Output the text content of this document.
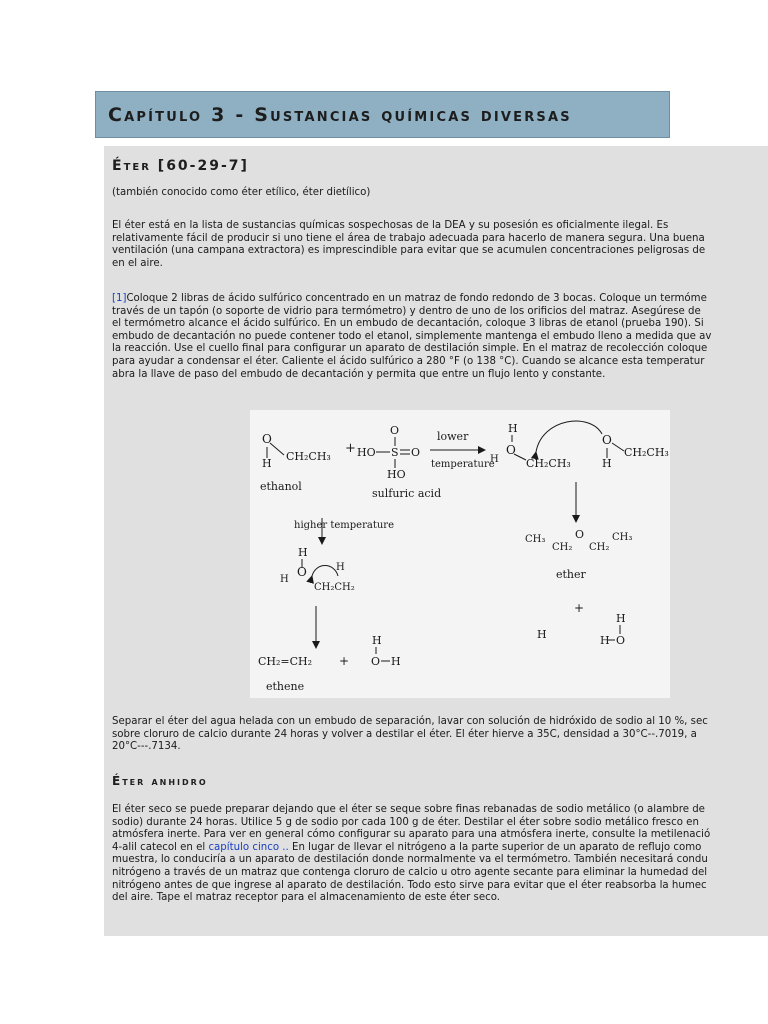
Capítulo 3 - Sustancias químicas diversas
Éter [60-29-7]

(también conocido como éter etílico, éter dietílico)

El éter está en la lista de sustancias químicas sospechosas de la DEA y su posesión es oficialmente ilegal. Es
relativamente fácil de producir si uno tiene el área de trabajo adecuada para hacerlo de manera segura. Una buena
ventilación (una campana extractora) es imprescindible para evitar que se acumulen concentraciones peligrosas de
en el aire.
[1]Coloque 2 libras de ácido sulfúrico concentrado en un matraz de fondo redondo de 3 bocas. Coloque un termóme
través de un tapón (o soporte de vidrio para termómetro) y dentro de uno de los orificios del matraz. Asegúrese de
el termómetro alcance el ácido sulfúrico. En un embudo de decantación, coloque 3 libras de etanol (prueba 190). Si
embudo de decantación no puede contener todo el etanol, simplemente mantenga el embudo lleno a medida que av
la reacción. Use el cuello final para configurar un aparato de destilación simple. En el matraz de recolección coloque
para ayudar a condensar el éter. Caliente el ácido sulfúrico a 280 °F (o 138 °C). Cuando se alcance esta temperatur
abra la llave de paso del embudo de decantación y permita que entre un flujo lento y constante.
O
H
CH₂CH₃
ethanol
+ HO S
O
O
HO
sulfuric acid
lower
temperature
H
H
O
CH₂CH₃
O
H
CH₂CH₃
CH₃
CH₂
O
CH₂
CH₃
ether
+
H
H
H O
higher temperature
H
H
O	H
CH₂CH₂
CH₂=CH₂
ethene
+
H
O H
Separar el éter del agua helada con un embudo de separación, lavar con solución de hidróxido de sodio al 10 %, sec
sobre cloruro de calcio durante 24 horas y volver a destilar el éter. El éter hierve a 35C, densidad a 30°C--.7019, a
20°C---.7134.
Éter anhidro
El éter seco se puede preparar dejando que el éter se seque sobre finas rebanadas de sodio metálico (o alambre de
sodio) durante 24 horas. Utilice 5 g de sodio por cada 100 g de éter. Destilar el éter sobre sodio metálico fresco en
atmósfera inerte. Para ver en general cómo configurar su aparato para una atmósfera inerte, consulte la metilenació
4-alil catecol en el capítulo cinco .. En lugar de llevar el nitrógeno a la parte superior de un aparato de reflujo como
muestra, lo conduciría a un aparato de destilación donde normalmente va el termómetro. También necesitará condu
nitrógeno a través de un matraz que contenga cloruro de calcio u otro agente secante para eliminar la humedad del
nitrógeno antes de que ingrese al aparato de destilación. Todo esto sirve para evitar que el éter reabsorba la humec
del aire. Tape el matraz receptor para el almacenamiento de este éter seco.
